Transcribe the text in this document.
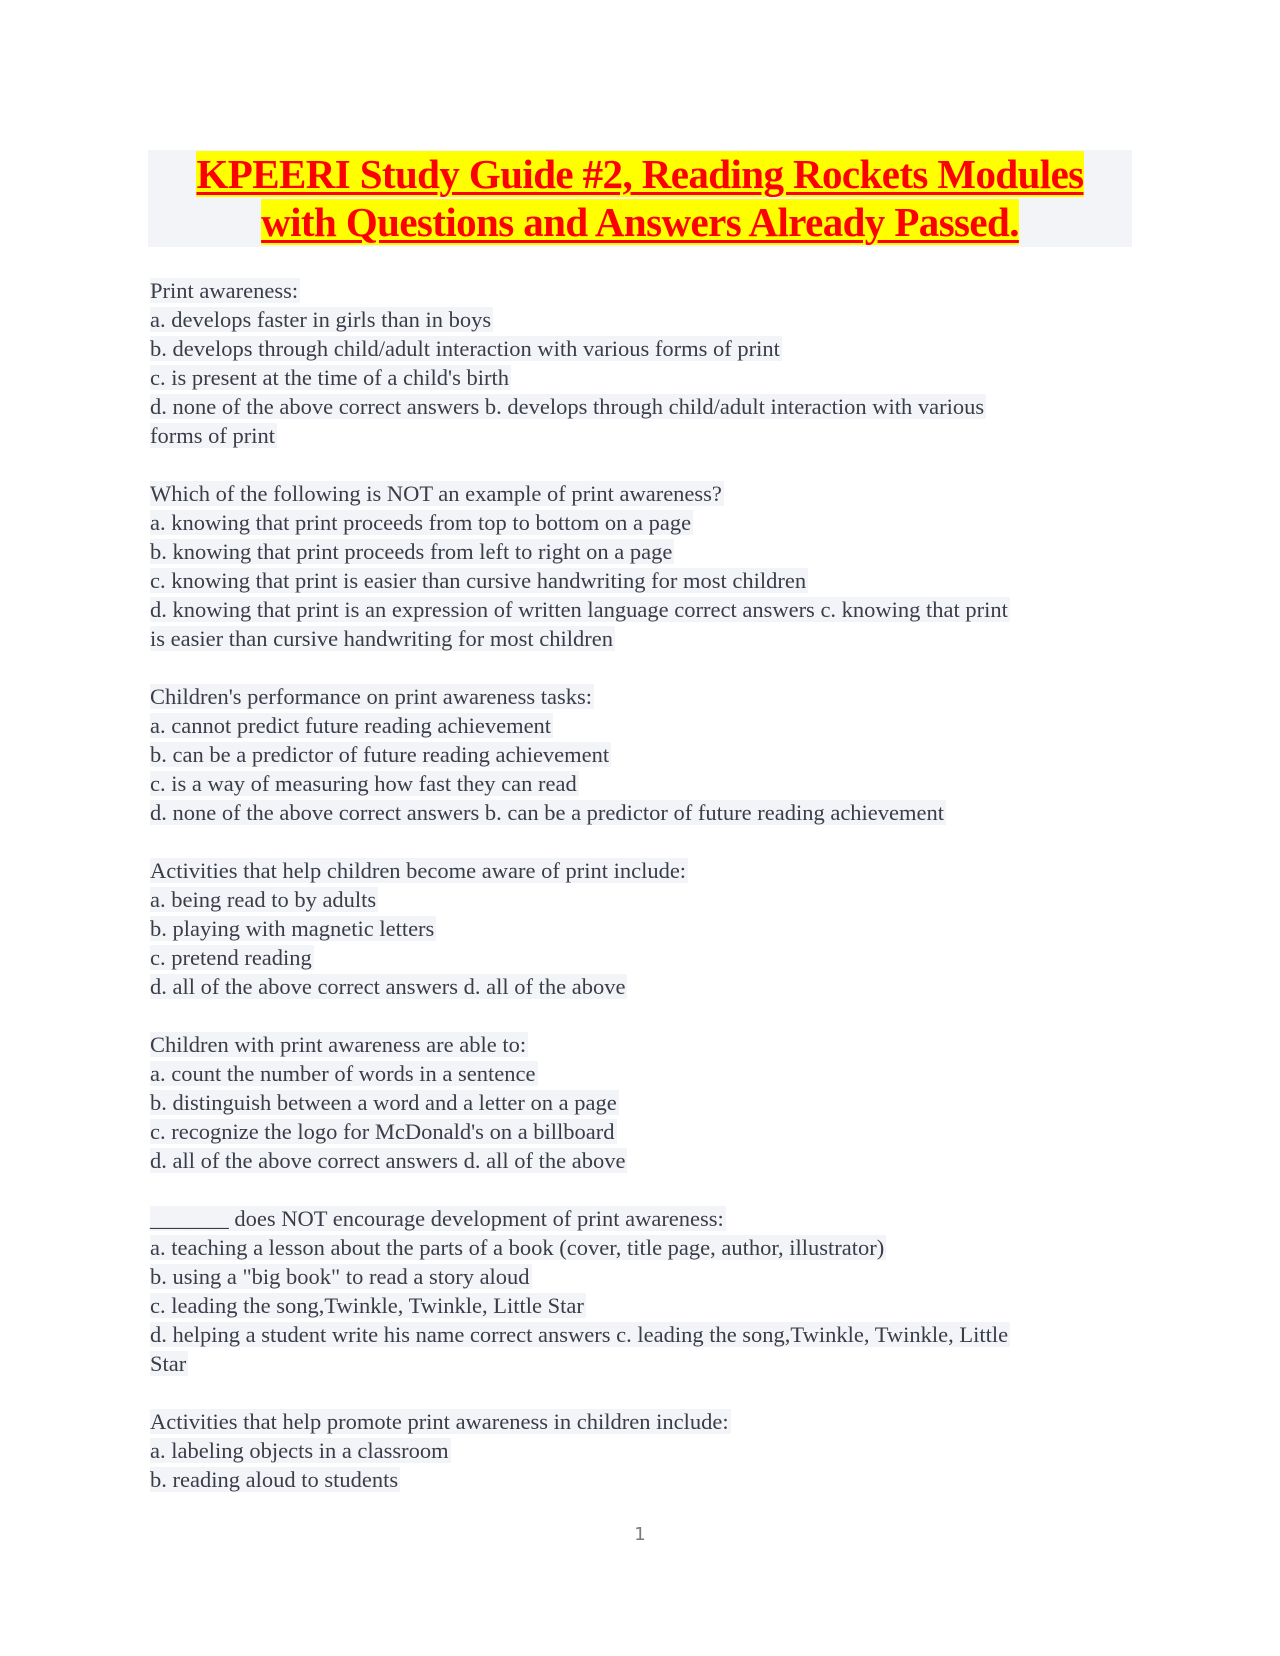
KPEERI Study Guide #2, Reading Rockets Modules
with Questions and Answers Already Passed.
Print awareness:
a. develops faster in girls than in boys
b. develops through child/adult interaction with various forms of print
c. is present at the time of a child's birth
d. none of the above correct answers b. develops through child/adult interaction with various
forms of print
Which of the following is NOT an example of print awareness?
a. knowing that print proceeds from top to bottom on a page
b. knowing that print proceeds from left to right on a page
c. knowing that print is easier than cursive handwriting for most children
d. knowing that print is an expression of written language correct answers c. knowing that print
is easier than cursive handwriting for most children
Children's performance on print awareness tasks:
a. cannot predict future reading achievement
b. can be a predictor of future reading achievement
c. is a way of measuring how fast they can read
d. none of the above correct answers b. can be a predictor of future reading achievement
Activities that help children become aware of print include:
a. being read to by adults
b. playing with magnetic letters
c. pretend reading
d. all of the above correct answers d. all of the above
Children with print awareness are able to:
a. count the number of words in a sentence
b. distinguish between a word and a letter on a page
c. recognize the logo for McDonald's on a billboard
d. all of the above correct answers d. all of the above
_______ does NOT encourage development of print awareness:
a. teaching a lesson about the parts of a book (cover, title page, author, illustrator)
b. using a "big book" to read a story aloud
c. leading the song,Twinkle, Twinkle, Little Star
d. helping a student write his name correct answers c. leading the song,Twinkle, Twinkle, Little
Star
Activities that help promote print awareness in children include:
a. labeling objects in a classroom
b. reading aloud to students
1
